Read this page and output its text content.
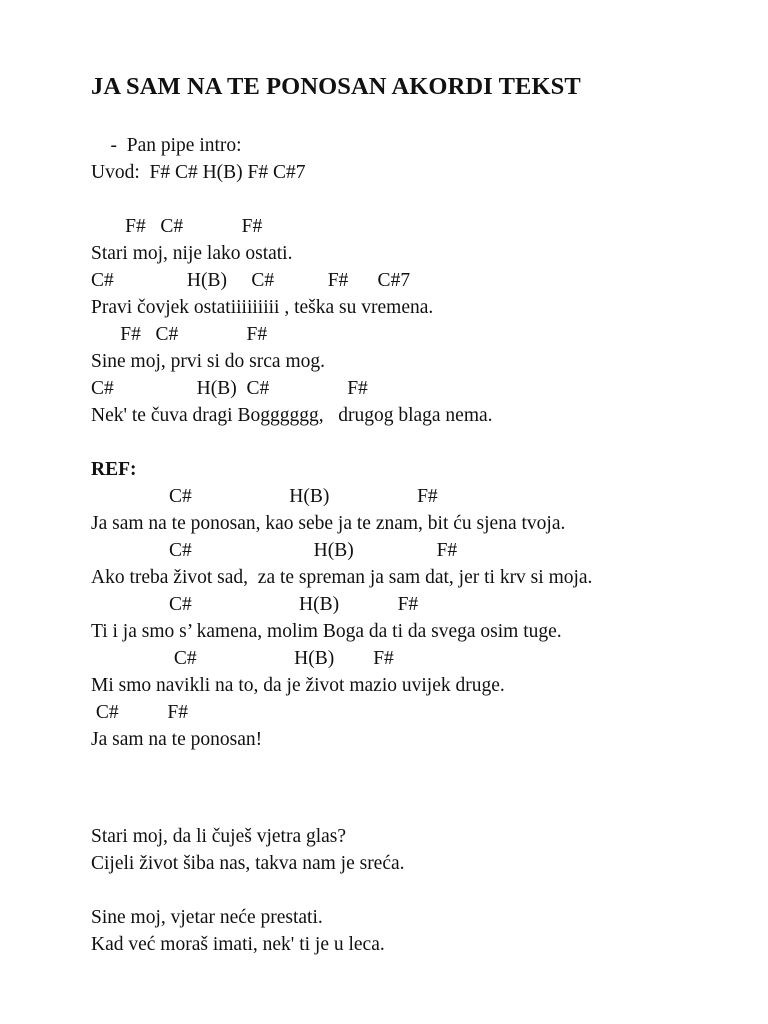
JA SAM NA TE PONOSAN AKORDI TEKST
-  Pan pipe intro:
Uvod:  F# C# H(B) F# C#7
F#   C#            F#
Stari moj, nije lako ostati.
C#               H(B)     C#           F#      C#7
Pravi čovjek ostatiiiiiiiii , teška su vremena.
F#   C#              F#
Sine moj, prvi si do srca mog.
C#                 H(B)  C#                F#
Nek' te čuva dragi Bogggggg,   drugog blaga nema.
REF:
C#                    H(B)                  F#
Ja sam na te ponosan, kao sebe ja te znam, bit ću sjena tvoja.
C#                         H(B)                 F#
Ako treba život sad,  za te spreman ja sam dat, jer ti krv si moja.
C#                      H(B)            F#
Ti i ja smo s’ kamena, molim Boga da ti da svega osim tuge.
C#                    H(B)        F#
Mi smo navikli na to, da je život mazio uvijek druge.
C#          F#
Ja sam na te ponosan!
Stari moj, da li čuješ vjetra glas?
Cijeli život šiba nas, takva nam je sreća.
Sine moj, vjetar neće prestati.
Kad već moraš imati, nek' ti je u leca.
